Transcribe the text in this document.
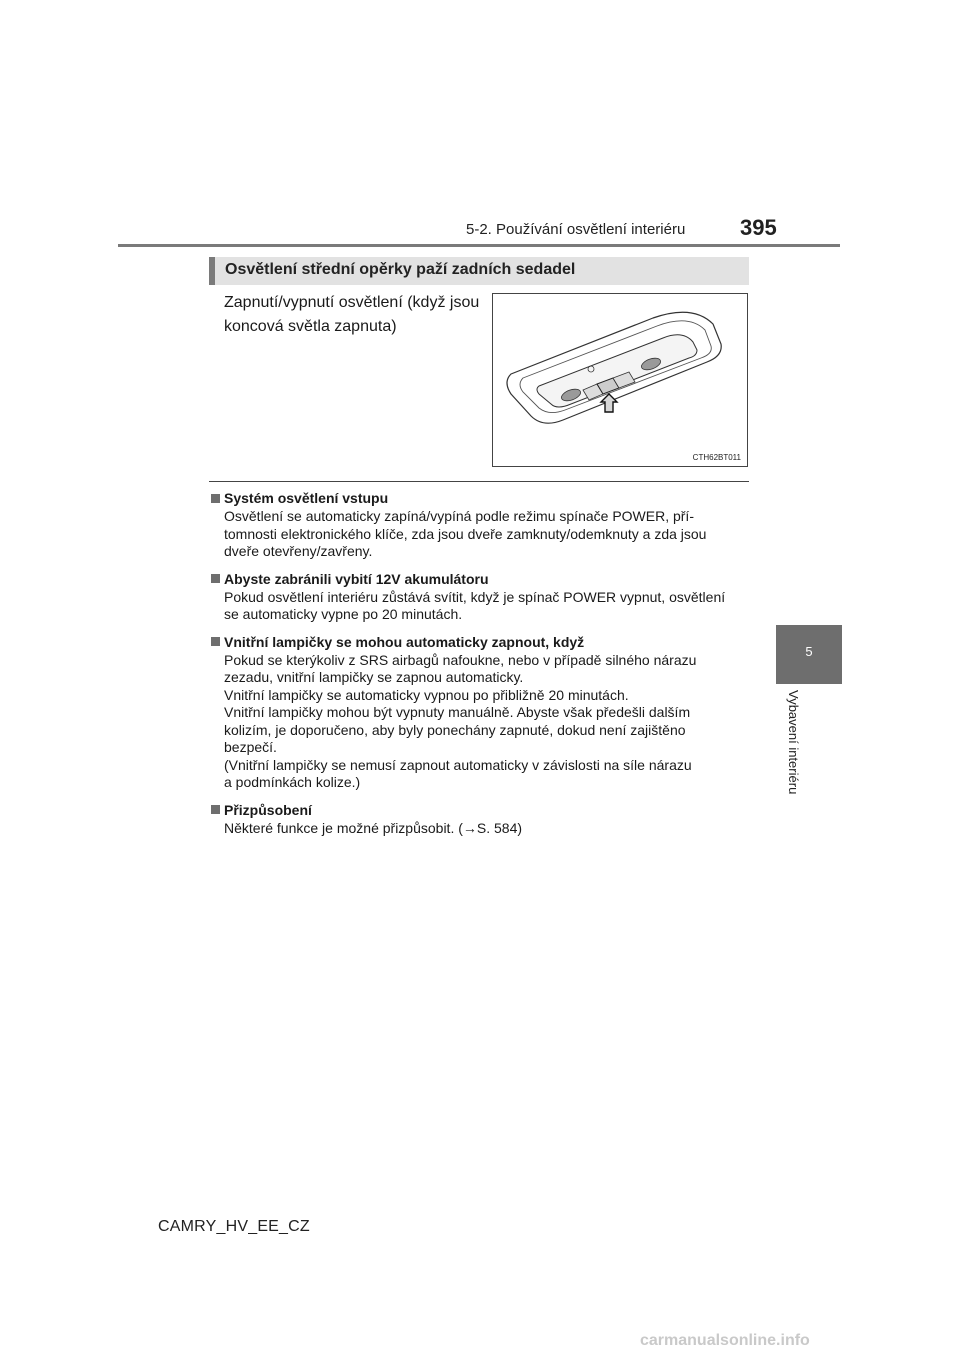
5-2. Používání osvětlení interiéru 395
Osvětlení střední opěrky paží zadních sedadel
Zapnutí/vypnutí osvětlení (když jsou koncová světla zapnuta)
CTH62BT011
Systém osvětlení vstupu
Osvětlení se automaticky zapíná/vypíná podle režimu spínače POWER, pří-
tomnosti elektronického klíče, zda jsou dveře zamknuty/odemknuty a zda jsou
dveře otevřeny/zavřeny.
Abyste zabránili vybití 12V akumulátoru
Pokud osvětlení interiéru zůstává svítit, když je spínač POWER vypnut, osvětlení
se automaticky vypne po 20 minutách.
Vnitřní lampičky se mohou automaticky zapnout, když
Pokud se kterýkoliv z SRS airbagů nafoukne, nebo v případě silného nárazu
zezadu, vnitřní lampičky se zapnou automaticky.
Vnitřní lampičky se automaticky vypnou po přibližně 20 minutách.
Vnitřní lampičky mohou být vypnuty manuálně. Abyste však předešli dalším
kolizím, je doporučeno, aby byly ponechány zapnuté, dokud není zajištěno
bezpečí.
(Vnitřní lampičky se nemusí zapnout automaticky v závislosti na síle nárazu
a podmínkách kolize.)
Přizpůsobení
Některé funkce je možné přizpůsobit. (→S. 584)
5
Vybavení interiéru
CAMRY_HV_EE_CZ
carmanualsonline.info
